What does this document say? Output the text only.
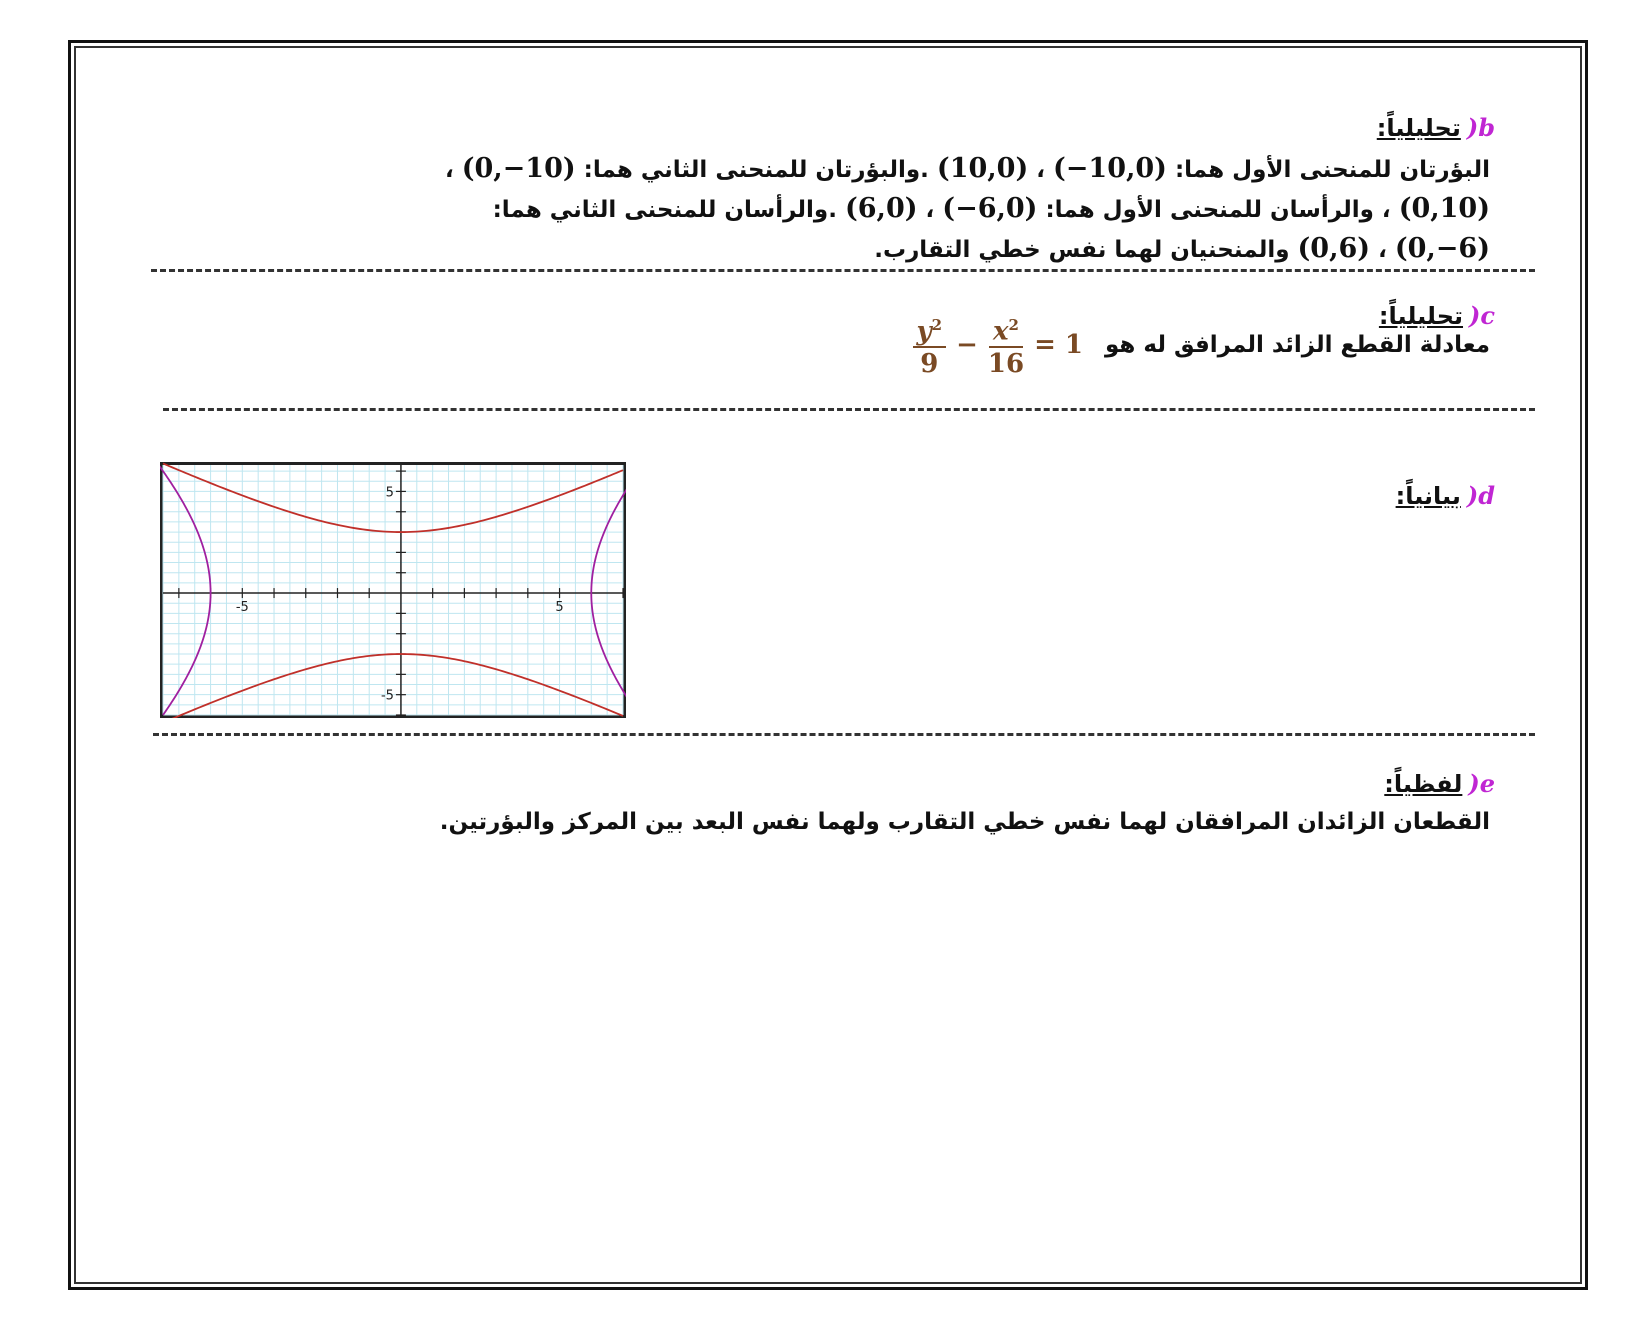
b(تحليلياً:
البؤرتان للمنحنى الأول هما: (−10,0) ، (10,0) .والبؤرتان للمنحنى الثاني هما: (0,−10) ،
(0,10) ، والرأسان للمنحنى الأول هما: (−6,0) ، (6,0) .والرأسان للمنحنى الثاني هما:
(0,−6) ، (0,6) والمنحنيان لهما نفس خطي التقارب.
c(تحليلياً:
معادلة القطع الزائد المرافق له هو
$\frac{y^2}{9} - \frac{x^2}{16} = 1$
d(بيانياً:
e(لفظياً:
القطعان الزائدان المرافقان لهما نفس خطي التقارب ولهما نفس البعد بين المركز والبؤرتين.
-5	5
5
-5
